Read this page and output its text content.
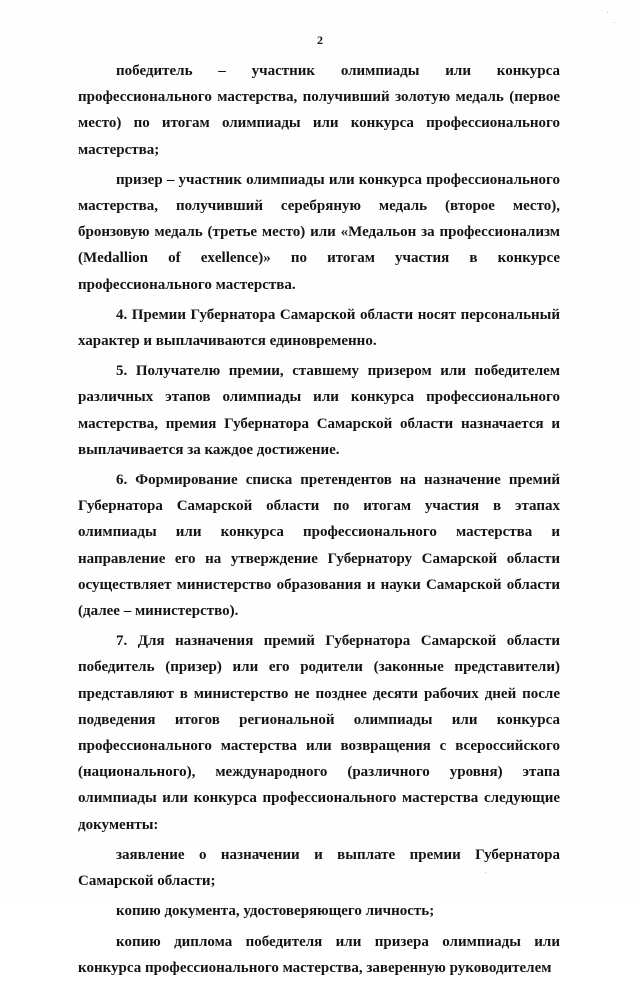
2

победитель – участник олимпиады или конкурса профессионального мастерства, получивший золотую медаль (первое место) по итогам олимпиады или конкурса профессионального мастерства;

призер – участник олимпиады или конкурса профессионального мастерства, получивший серебряную медаль (второе место), бронзовую медаль (третье место) или «Медальон за профессионализм (Medallion of exellence)» по итогам участия в конкурсе профессионального мастерства.

4. Премии Губернатора Самарской области носят персональный характер и выплачиваются единовременно.

5. Получателю премии, ставшему призером или победителем различных этапов олимпиады или конкурса профессионального мастерства, премия Губернатора Самарской области назначается и выплачивается за каждое достижение.

6. Формирование списка претендентов на назначение премий Губернатора Самарской области по итогам участия в этапах олимпиады или конкурса профессионального мастерства и направление его на утверждение Губернатору Самарской области осуществляет министерство образования и науки Самарской области (далее – министерство).

7. Для назначения премий Губернатора Самарской области победитель (призер) или его родители (законные представители) представляют в министерство не позднее десяти рабочих дней после подведения итогов региональной олимпиады или конкурса профессионального мастерства или возвращения с всероссийского (национального), международного (различного уровня) этапа олимпиады или конкурса профессионального мастерства следующие документы:

заявление о назначении и выплате премии Губернатора Самарской области;

копию документа, удостоверяющего личность;

копию диплома победителя или призера олимпиады или конкурса профессионального мастерства, заверенную руководителем
